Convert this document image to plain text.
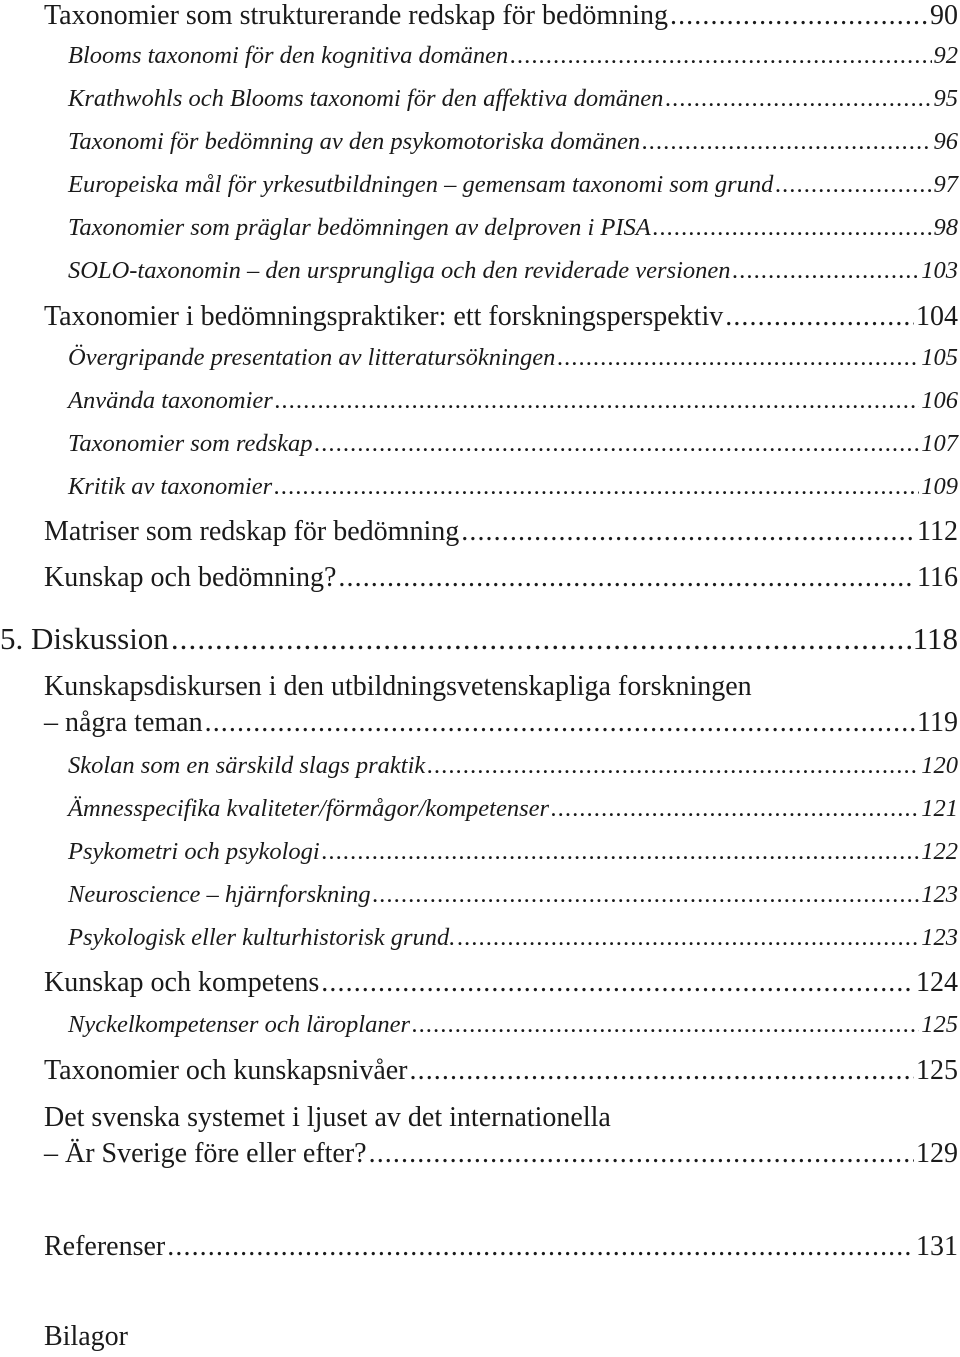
Taxonomier som strukturerande redskap för bedömning .....	90
Blooms taxonomi för den kognitiva domänen .....	92
Krathwohls och Blooms taxonomi för den affektiva domänen .....	95
Taxonomi för bedömning av den psykomotoriska domänen .....	96
Europeiska mål för yrkesutbildningen – gemensam taxonomi som grund .....	97
Taxonomier som präglar bedömningen av delproven i PISA .....	98
SOLO-taxonomin – den ursprungliga och den reviderade versionen .....	103
Taxonomier i bedömningspraktiker: ett forskningsperspektiv .....	104
Övergripande presentation av litteratursökningen .....	105
Använda taxonomier .....	106
Taxonomier som redskap .....	107
Kritik av taxonomier .....	109
Matriser som redskap för bedömning .....	112
Kunskap och bedömning? .....	116
5. Diskussion .....	118
Kunskapsdiskursen i den utbildningsvetenskapliga forskningen
– några teman .....	119
Skolan som en särskild slags praktik .....	120
Ämnesspecifika kvaliteter/förmågor/kompetenser .....	121
Psykometri och psykologi .....	122
Neuroscience – hjärnforskning .....	123
Psykologisk eller kulturhistorisk grund. .....	123
Kunskap och kompetens .....	124
Nyckelkompetenser och läroplaner .....	125
Taxonomier och kunskapsnivåer .....	125
Det svenska systemet i ljuset av det internationella
– Är Sverige före eller efter? .....	129
Referenser .....	131
Bilagor
